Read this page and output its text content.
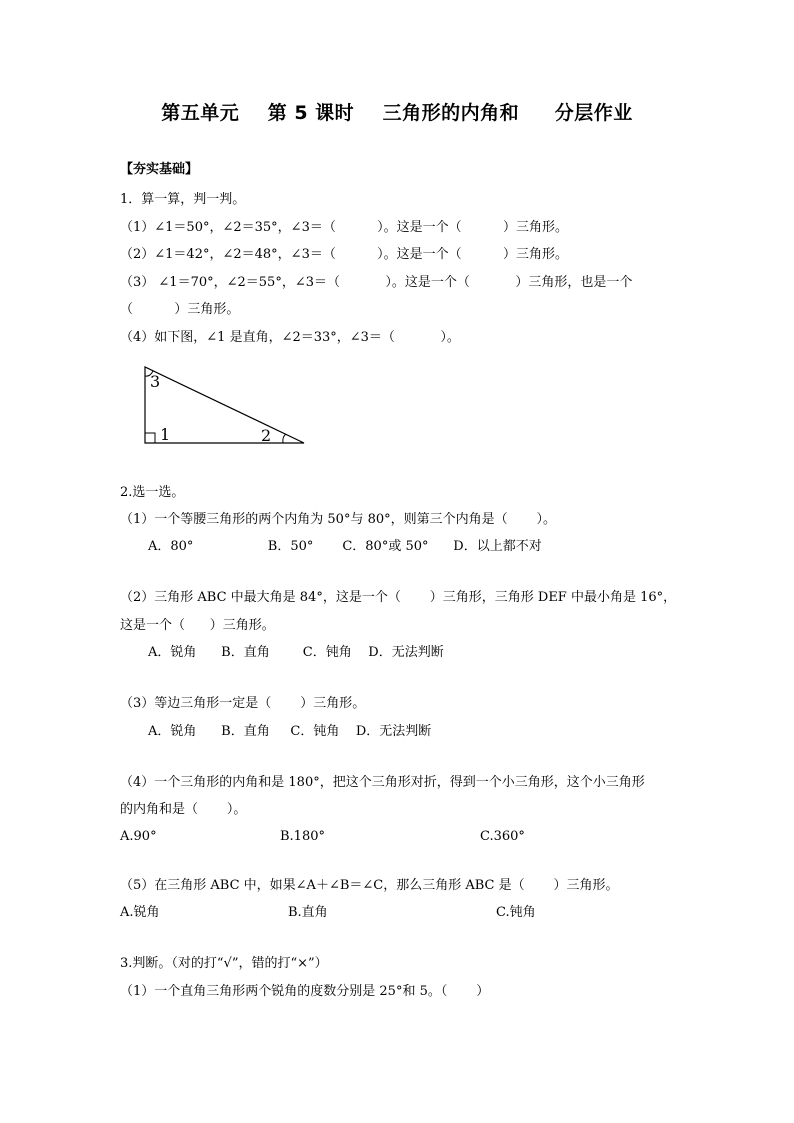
第五单元    第 5 课时    三角形的内角和     分层作业
【夯实基础】
1．算一算，判一判。
（1）∠1＝50°，∠2＝35°，∠3＝（          ）。这是一个（          ）三角形。
（2）∠1＝42°，∠2＝48°，∠3＝（          ）。这是一个（          ）三角形。
（3） ∠1＝70°，∠2＝55°，∠3＝（           ）。这是一个（           ）三角形，也是一个
（          ）三角形。
（4）如下图，∠1 是直角，∠2＝33°，∠3＝（           ）。
1	2
3
2.选一选。
（1）一个等腰三角形的两个内角为 50°与 80°，则第三个内角是（       ）。
A．80°                  B．50°       C．80°或 50°      D．以上都不对
（2）三角形 ABC 中最大角是 84°，这是一个（       ）三角形，三角形 DEF 中最小角是 16°，
这是一个（      ）三角形。
A．锐角      B．直角        C．钝角    D．无法判断
（3）等边三角形一定是（       ）三角形。
A．锐角      B．直角     C．钝角    D．无法判断
（4）一个三角形的内角和是 180°，把这个三角形对折，得到一个小三角形，这个小三角形
的内角和是（       ）。
A.90°	B.180°	C.360°
（5）在三角形 ABC 中，如果∠A＋∠B＝∠C，那么三角形 ABC 是（       ）三角形。
A.锐角	B.直角	C.钝角
3.判断。（对的打“√”，错的打“×”）
（1）一个直角三角形两个锐角的度数分别是 25°和 5。（       ）
